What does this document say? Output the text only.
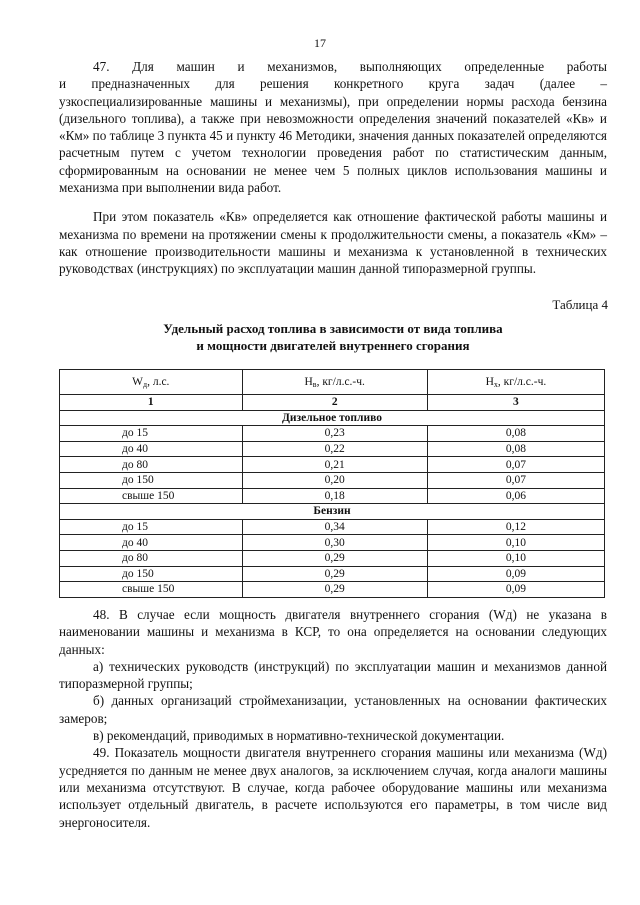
17

47. Для машин и механизмов, выполняющих определенные работы

и предназначенных для решения конкретного круга задач (далее –

узкоспециализированные машины и механизмы), при определении нормы расхода бензина (дизельного топлива), а также при невозможности определения значений показателей «Кв» и «Км» по таблице 3 пункта 45 и пункту 46 Методики, значения данных показателей определяются расчетным путем с учетом технологии проведения работ по статистическим данным, сформированным на основании не менее чем 5 полных циклов использования машины и механизма при выполнении вида работ.

При этом показатель «Кв» определяется как отношение фактической работы машины и механизма по времени на протяжении смены к продолжительности смены, а показатель «Км» – как отношение производительности машины и механизма к установленной в технических руководствах (инструкциях) по эксплуатации машин данной типоразмерной группы.

Таблица 4
Удельный расход топлива в зависимости от вида топлива
и мощности двигателей внутреннего сгорания
$W_д$, л.с.	$Н_в$, кг/л.с.-ч.	$Н_х$, кг/л.с.-ч.
1	2	3
Дизельное топливо		
до 15	0,23	0,08
до 40	0,22	0,08
до 80	0,21	0,07
до 150	0,20	0,07
свыше 150	0,18	0,06
Бензин		
до 15	0,34	0,12
до 40	0,30	0,10
до 80	0,29	0,10
до 150	0,29	0,09
свыше 150	0,29	0,09

48. В случае если мощность двигателя внутреннего сгорания (Wд) не указана в наименовании машины и механизма в КСР, то она определяется на основании следующих данных:

а) технических руководств (инструкций) по эксплуатации машин и механизмов данной типоразмерной группы;

б) данных организаций строймеханизации, установленных на основании фактических замеров;

в) рекомендаций, приводимых в нормативно-технической документации.

49. Показатель мощности двигателя внутреннего сгорания машины или механизма (Wд) усредняется по данным не менее двух аналогов, за исключением случая, когда аналоги машины или механизма отсутствуют. В случае, когда рабочее оборудование машины или механизма использует отдельный двигатель, в расчете используются его параметры, в том числе вид энергоносителя.
